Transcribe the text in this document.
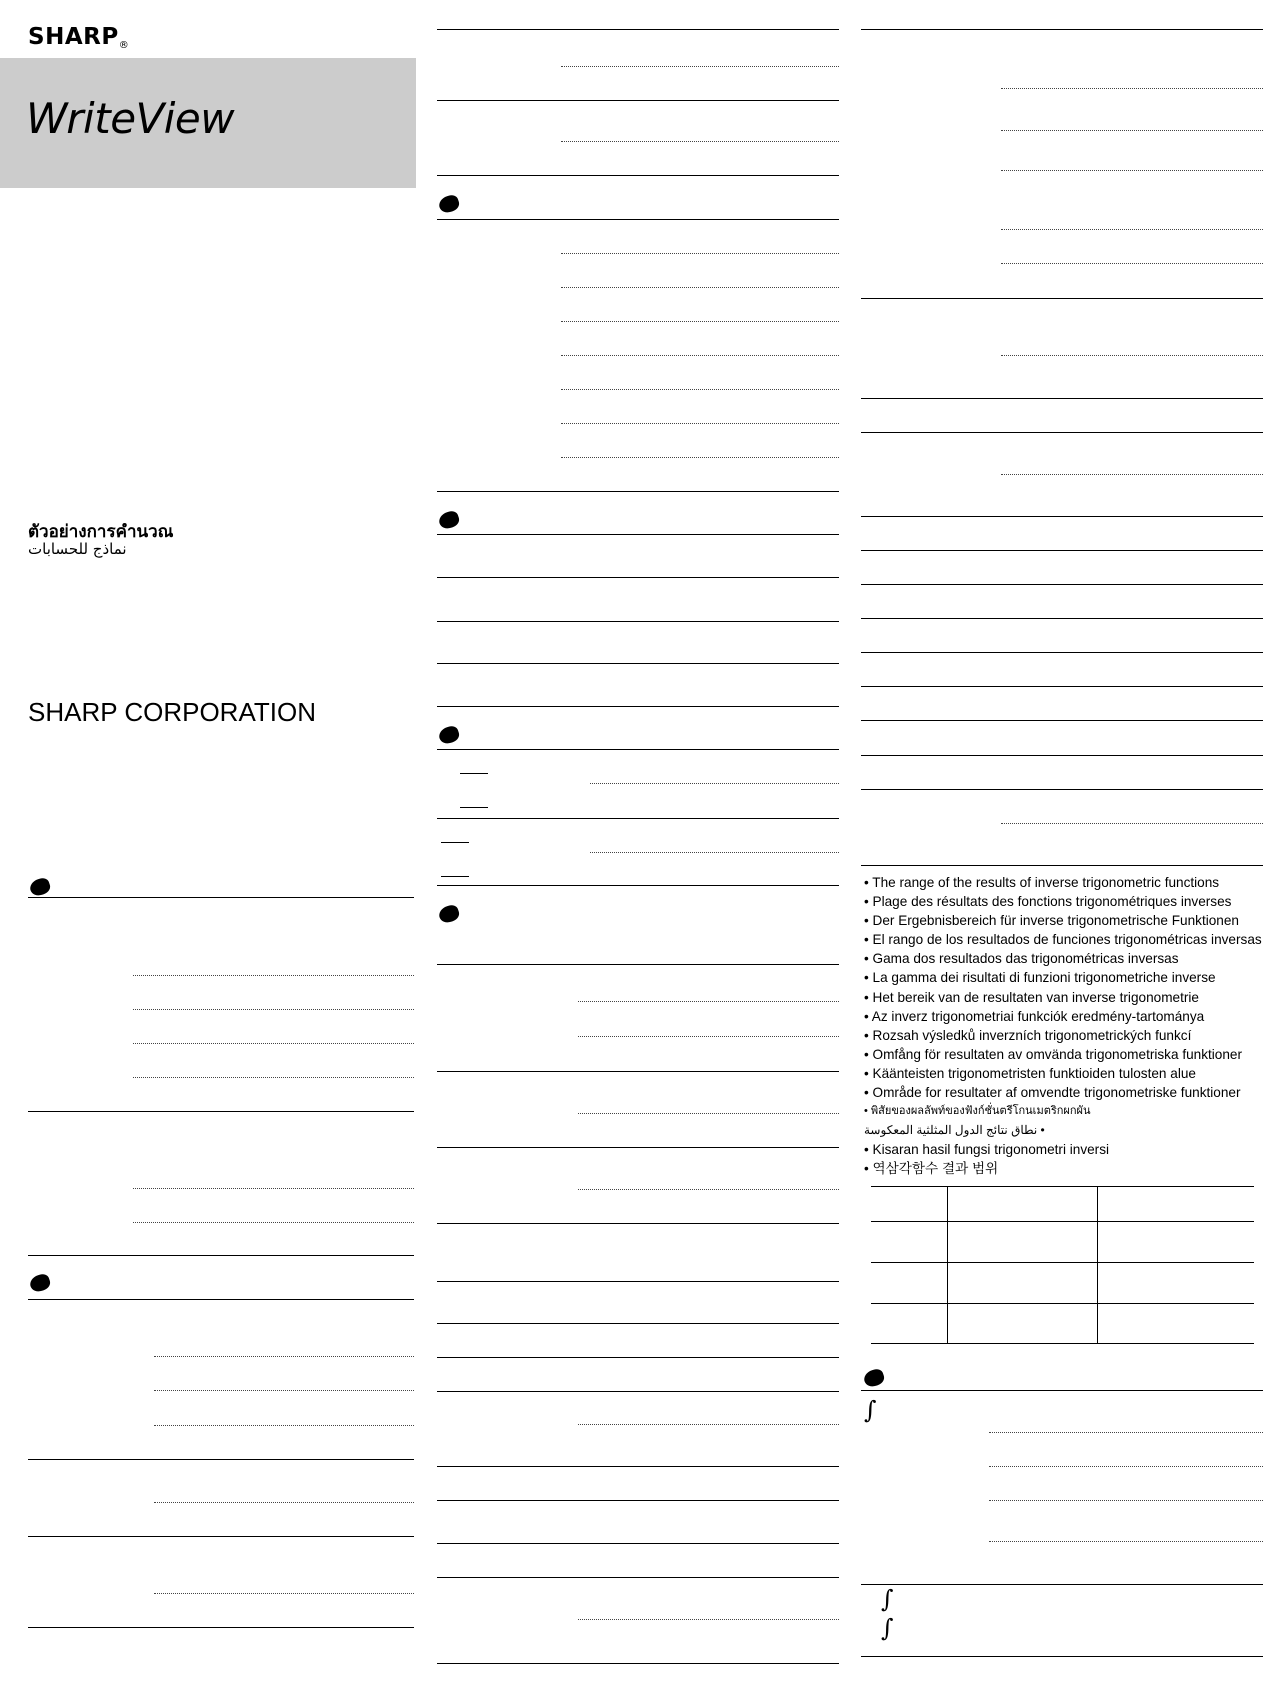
$SHARP_®$
WriteView
ตัวอย่างการคำนวณ
نماذج للحسابات
SHARP CORPORATION
• The range of the results of inverse trigonometric functions
• Plage des résultats des fonctions trigonométriques inverses
• Der Ergebnisbereich für inverse trigonometrische Funktionen
• El rango de los resultados de funciones trigonométricas inversas
• Gama dos resultados das trigonométricas inversas
• La gamma dei risultati di funzioni trigonometriche inverse
• Het bereik van de resultaten van inverse trigonometrie
• Az inverz trigonometriai funkciók eredmény-tartománya
• Rozsah výsledků inverzních trigonometrických funkcí
• Omfång för resultaten av omvända trigonometriska funktioner
• Käänteisten trigonometristen funktioiden tulosten alue
• Område for resultater af omvendte trigonometriske funktioner
• พิสัยของผลลัพท์ของฟังก์ชั่นตรีโกนเมตริกผกผัน
• نطاق نتائج الدول المثلثية المعكوسة
• Kisaran hasil fungsi trigonometri inversi
• 역삼각함수 결과 범위
∫
∫
∫
